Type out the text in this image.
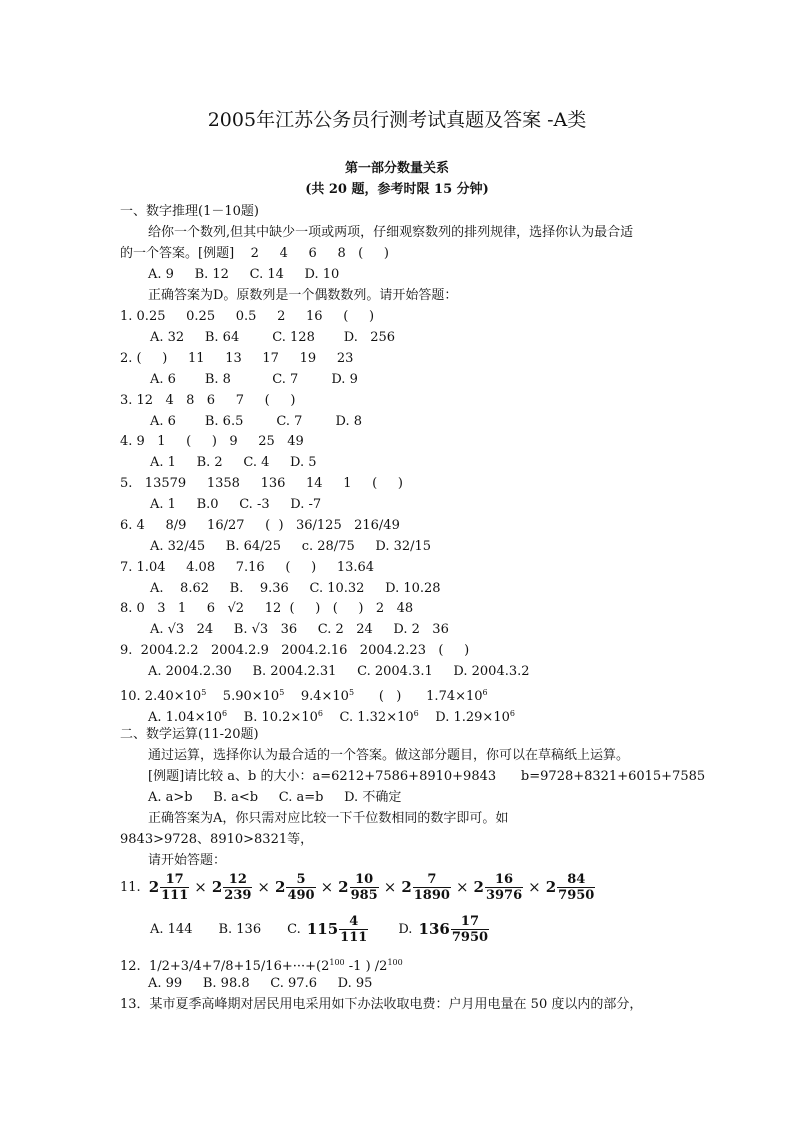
2005年江苏公务员行测考试真题及答案 -A类
第一部分数量关系
(共 20 题，参考时限 15 分钟)
一、数字推理(1－10题)
给你一个数列,但其中缺少一项或两项，仔细观察数列的排列规律，选择你认为最合适
的一个答案。[例题]    2     4     6     8   (     )
A. 9     B. 12     C. 14     D. 10
正确答案为D。原数列是一个偶数数列。请开始答题：
1. 0.25     0.25     0.5     2     16     (     )
A. 32     B. 64        C. 128       D.   256
2. (     )     11     13     17     19     23
A. 6       B. 8          C. 7        D. 9
3. 12   4   8   6     7     (     )
A. 6       B. 6.5        C. 7        D. 8
4. 9   1     (     )   9     25   49
A. 1     B. 2     C. 4     D. 5
5.   13579     1358     136     14     1     (     )
A. 1     B.0     C. -3     D. -7
6. 4     8/9     16/27     (  )   36/125   216/49
A. 32/45     B. 64/25     c. 28/75     D. 32/15
7. 1.04     4.08     7.16     (     )     13.64
A.    8.62     B.    9.36     C. 10.32     D. 10.28
8. 0   3   1     6   √2     12  (     )   (     )   2   48
A. √3   24     B. √3   36     C. 2   24     D. 2   36
9.  2004.2.2   2004.2.9   2004.2.16   2004.2.23   (     )
A. 2004.2.30     B. 2004.2.31     C. 2004.3.1     D. 2004.3.2
10. $2.40\times 10^5$    $5.90\times 10^5$    $9.4\times 10^5$      (   )      $1.74\times 10^6$
A. $1.04\times 10^6$    B. $10.2\times 10^6$    C. $1.32\times 10^6$    D. $1.29\times 10^6$
二、数学运算(11-20题)
通过运算，选择你认为最合适的一个答案。做这部分题目，你可以在草稿纸上运算。
[例题]请比较 a、b 的大小：a=6212+7586+8910+9843      b=9728+8321+6015+7585
A. a>b     B. a<b     C. a=b     D. 不确定
正确答案为A，你只需对应比较一下千位数相同的数字即可。如
9843>9728、8910>8321等，
请开始答题：
11. $2 \frac{17}{111} \times 2 \frac{12}{239} \times 2 \frac{5}{490} \times 2 \frac{10}{985} \times 2 \frac{7}{1890} \times 2 \frac{16}{3976} \times 2 \frac{84}{7950}$
A. 144 B. 136 C. $115 \frac{4}{111} D$. $136 \frac{17}{7950}$
12.  $1/2+3/4+7/8+15/16+\cdot\cdot\cdot+(2^{100}$ -1 ) $/2^{100}$
A. 99     B. 98.8     C. 97.6     D. 95
13．某市夏季高峰期对居民用电采用如下办法收取电费：户月用电量在 50 度以内的部分，
